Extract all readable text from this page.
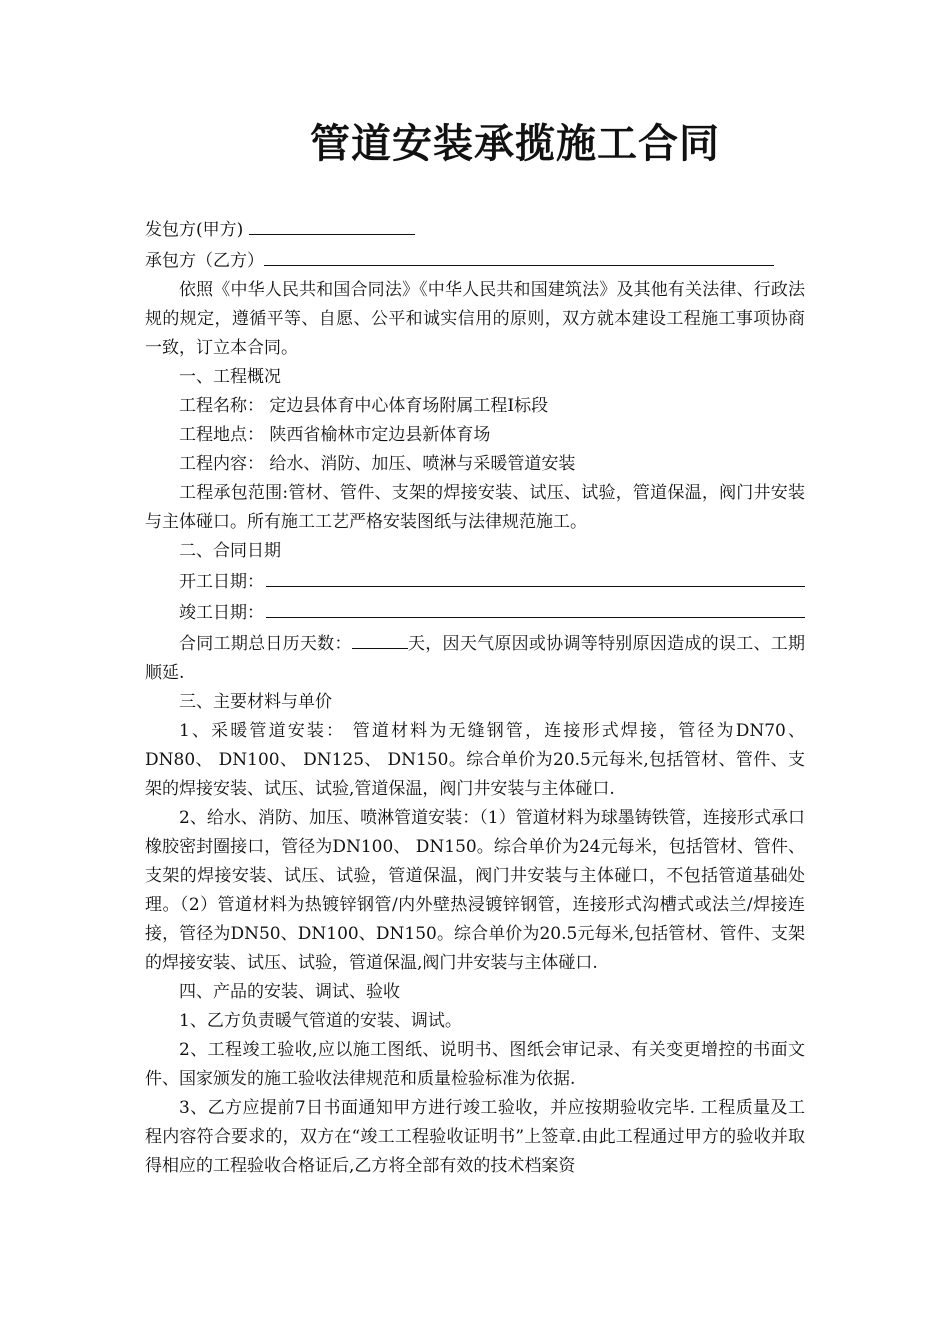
管道安装承揽施工合同

发包方(甲方)

承包方（乙方）

依照《中华人民共和国合同法》《中华人民共和国建筑法》及其他有关法律、行政法规的规定，遵循平等、自愿、公平和诚实信用的原则，双方就本建设工程施工事项协商一致，订立本合同。

一、工程概况

工程名称： 定边县体育中心体育场附属工程Ⅰ标段

工程地点： 陕西省榆林市定边县新体育场

工程内容： 给水、消防、加压、喷淋与采暖管道安装

工程承包范围:管材、管件、支架的焊接安装、试压、试验，管道保温，阀门井安装与主体碰口。所有施工工艺严格安装图纸与法律规范施工。

二、合同日期

开工日期：

竣工日期：

合同工期总日历天数：	天，因天气原因或协调等特别原因造成的误工、工期顺延.

三、主要材料与单价

1、采暖管道安装： 管道材料为无缝钢管，连接形式焊接，管径为DN70、DN80、 DN100、 DN125、 DN150。综合单价为20.5元每米,包括管材、管件、支架的焊接安装、试压、试验,管道保温，阀门井安装与主体碰口.

2、给水、消防、加压、喷淋管道安装：（1）管道材料为球墨铸铁管，连接形式承口橡胶密封圈接口，管径为DN100、 DN150。综合单价为24元每米，包括管材、管件、支架的焊接安装、试压、试验，管道保温，阀门井安装与主体碰口，不包括管道基础处理。（2）管道材料为热镀锌钢管/内外壁热浸镀锌钢管，连接形式沟槽式或法兰/焊接连接，管径为DN50、DN100、DN150。综合单价为20.5元每米,包括管材、管件、支架的焊接安装、试压、试验，管道保温,阀门井安装与主体碰口.

四、产品的安装、调试、验收

1、乙方负责暖气管道的安装、调试。

2、工程竣工验收,应以施工图纸、说明书、图纸会审记录、有关变更增控的书面文件、国家颁发的施工验收法律规范和质量检验标准为依据.

3、乙方应提前7日书面通知甲方进行竣工验收，并应按期验收完毕. 工程质量及工程内容符合要求的，双方在“竣工工程验收证明书”上签章.由此工程通过甲方的验收并取得相应的工程验收合格证后,乙方将全部有效的技术档案资
